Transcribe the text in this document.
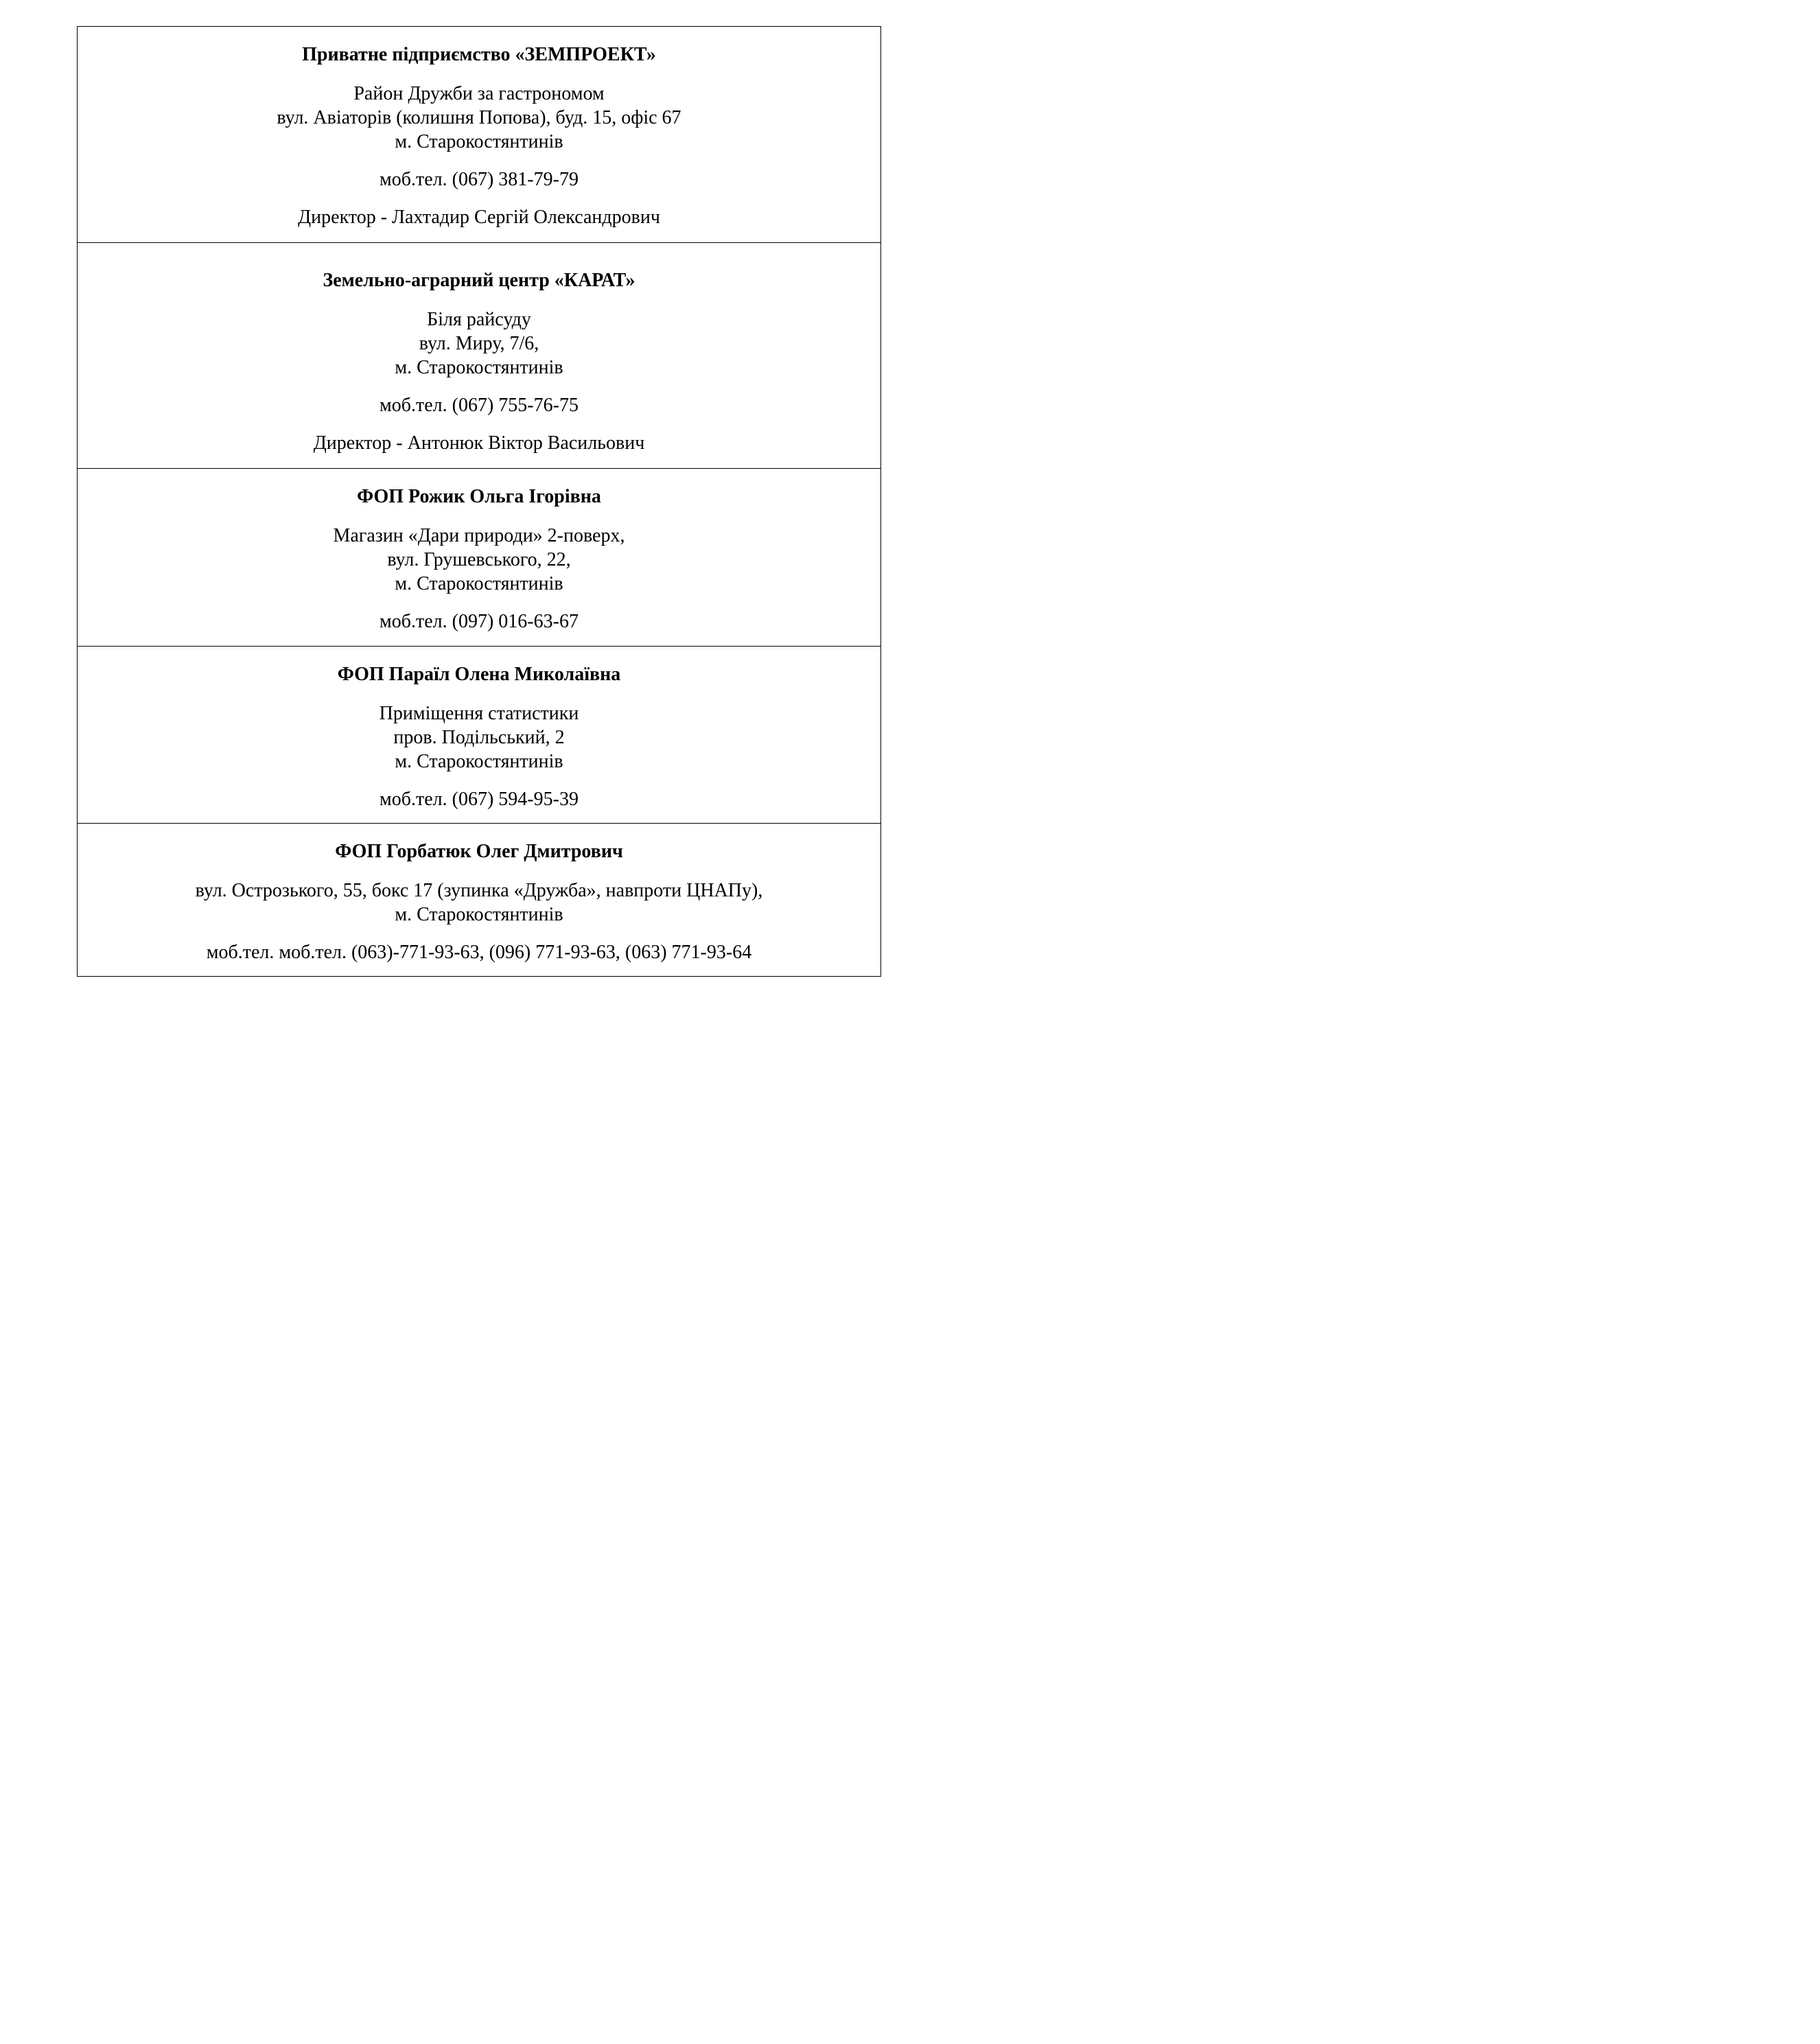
Приватне підприємство «ЗЕМПРОЕКТ»
Район Дружби за гастрономом
вул. Авіаторів (колишня Попова), буд. 15, офіс 67
м. Старокостянтинів
моб.тел. (067) 381-79-79
Директор - Лахтадир Сергій Олександрович
Земельно-аграрний центр «КАРАТ»
Біля райсуду
вул. Миру, 7/6,
м. Старокостянтинів
моб.тел. (067) 755-76-75
Директор - Антонюк Віктор Васильович
ФОП Рожик Ольга Ігорівна
Магазин «Дари природи» 2-поверх,
вул. Грушевського, 22,
м. Старокостянтинів
моб.тел. (097) 016-63-67
ФОП Параїл Олена Миколаївна
Приміщення статистики
пров. Подільський, 2
м. Старокостянтинів
моб.тел. (067) 594-95-39
ФОП Горбатюк Олег Дмитрович
вул. Острозького, 55, бокс 17 (зупинка «Дружба», навпроти ЦНАПу),
м. Старокостянтинів
моб.тел. моб.тел. (063)-771-93-63, (096) 771-93-63, (063) 771-93-64
